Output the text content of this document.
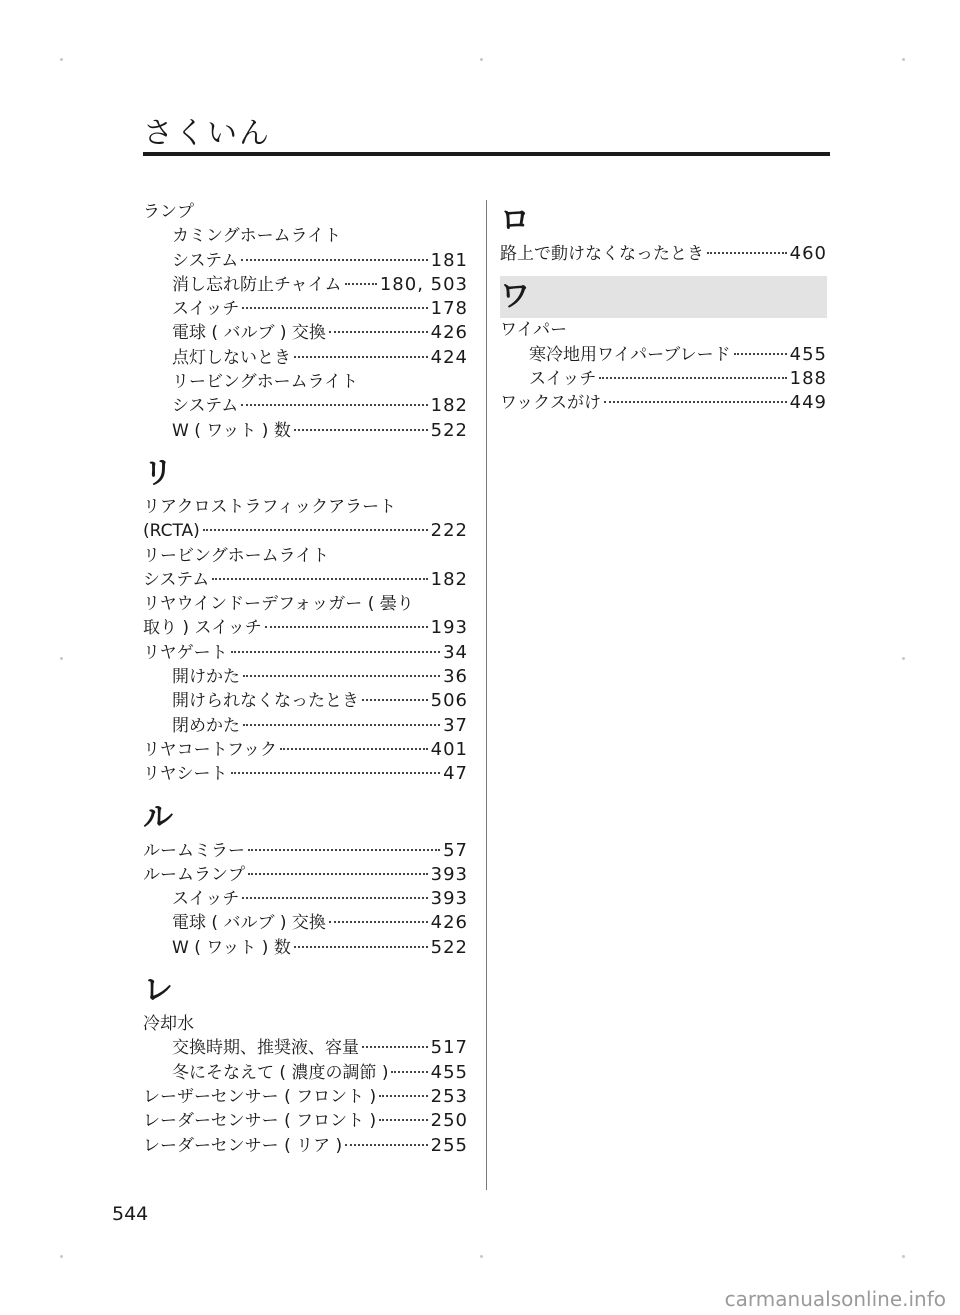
さくいん
ランプ
カミングホームライト
システム	181
消し忘れ防止チャイム 180, 503
スイッチ	178
電球 ( バルブ ) 交換	426
点灯しないとき	424
リービングホームライト
システム	182
W ( ワット ) 数	522
リ
リアクロストラフィックアラート
(RCTA)	222
リービングホームライト
システム	182
リヤウインドーデフォッガー ( 曇り
取り ) スイッチ	193
リヤゲート	34
開けかた	36
開けられなくなったとき	506
閉めかた	37
リヤコートフック	401
リヤシート	47
ル
ルームミラー	57
ルームランプ	393
スイッチ	393
電球 ( バルブ ) 交換	426
W ( ワット ) 数	522
レ
冷却水
交換時期、推奨液、容量	517
冬にそなえて ( 濃度の調節 ) 455
レーザーセンサー ( フロント )	253
レーダーセンサー ( フロント )	250
レーダーセンサー ( リア )	255
ロ
路上で動けなくなったとき	460
ワ
ワイパー
寒冷地用ワイパーブレード	455
スイッチ	188
ワックスがけ	449
544
carmanualsonline.info
